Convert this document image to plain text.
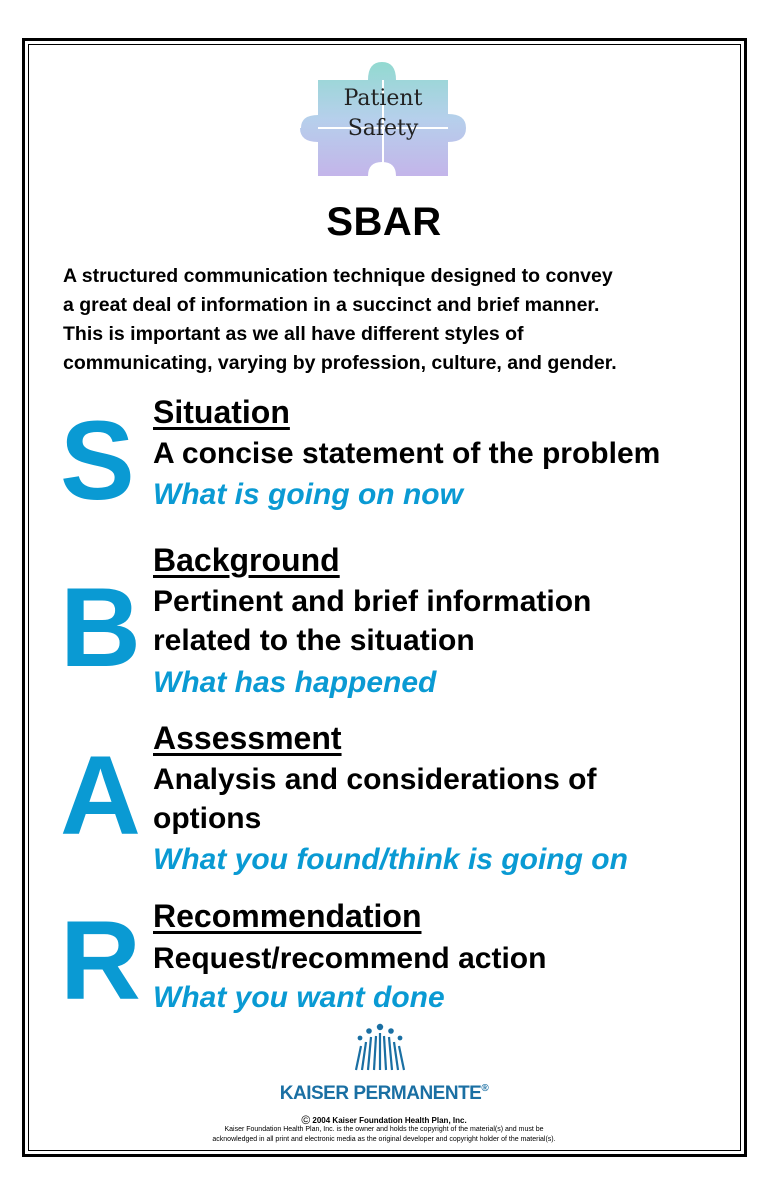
Patient
Safety
SBAR
A structured communication technique designed to convey
a great deal of information in a succinct and brief manner.
This is important as we all have different styles of
communicating, varying by profession, culture, and gender.
S Situation
A concise statement of the problem
What is going on now
B
Background
Pertinent and brief information
related to the situation
What has happened
A Assessment
Analysis and considerations of
options
What you found/think is going on
R Recommendation
Request/recommend action
What you want done
KAISER PERMANENTE®
© 2004 Kaiser Foundation Health Plan, Inc.
Kaiser Foundation Health Plan, Inc. is the owner and holds the copyright of the material(s) and must be
acknowledged in all print and electronic media as the original developer and copyright holder of the material(s).
